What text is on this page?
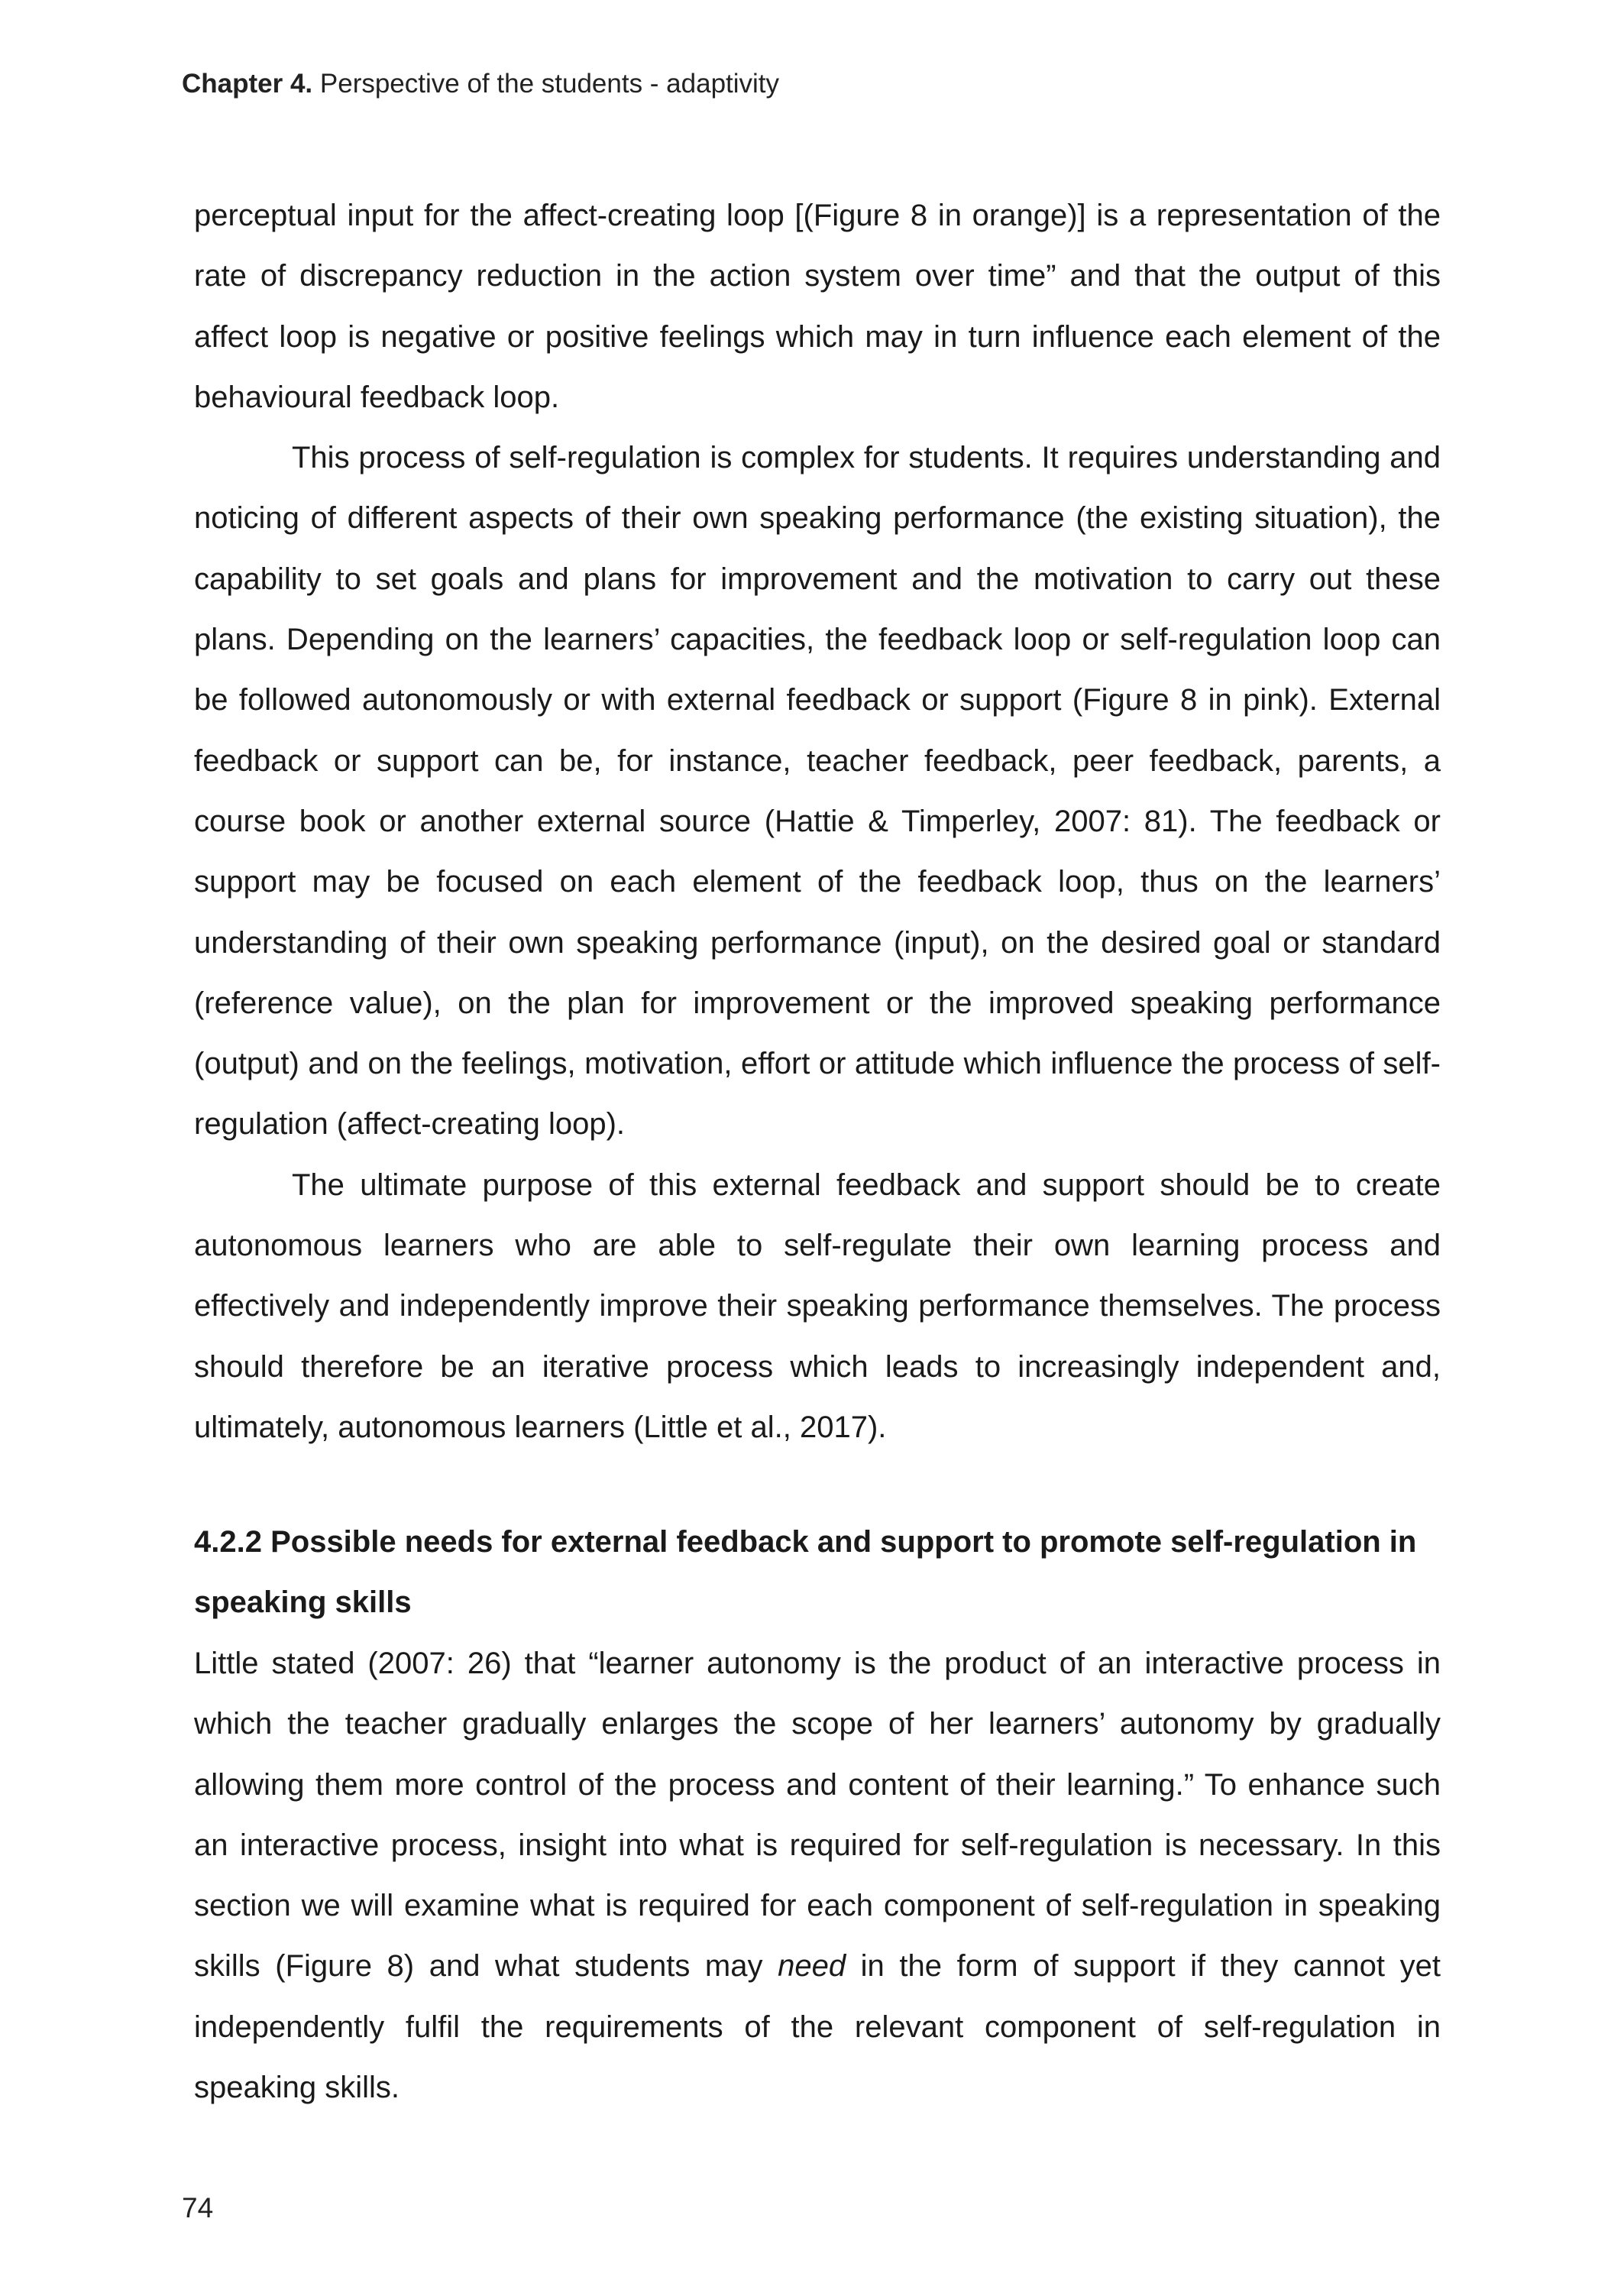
Chapter 4. Perspective of the students - adaptivity

perceptual input for the affect-creating loop [(Figure 8 in orange)] is a representation of the rate of discrepancy reduction in the action system over time” and that the output of this affect loop is negative or positive feelings which may in turn influence each element of the behavioural feedback loop.

This process of self-regulation is complex for students. It requires understanding and noticing of different aspects of their own speaking performance (the existing situation), the capability to set goals and plans for improvement and the motivation to carry out these plans. Depending on the learners’ capacities, the feedback loop or self-regulation loop can be followed autonomously or with external feedback or support (Figure 8 in pink). External feedback or support can be, for instance, teacher feedback, peer feedback, parents, a course book or another external source (Hattie & Timperley, 2007: 81). The feedback or support may be focused on each element of the feedback loop, thus on the learners’ understanding of their own speaking performance (input), on the desired goal or standard (reference value), on the plan for improvement or the improved speaking performance (output) and on the feelings, motivation, effort or attitude which influence the process of self-regulation (affect-creating loop).

The ultimate purpose of this external feedback and support should be to create autonomous learners who are able to self-regulate their own learning process and effectively and independently improve their speaking performance themselves. The process should therefore be an iterative process which leads to increasingly independent and, ultimately, autonomous learners (Little et al., 2017).

4.2.2 Possible needs for external feedback and support to promote self-regulation in speaking skills

Little stated (2007: 26) that “learner autonomy is the product of an interactive process in which the teacher gradually enlarges the scope of her learners’ autonomy by gradually allowing them more control of the process and content of their learning.” To enhance such an interactive process, insight into what is required for self-regulation is necessary. In this section we will examine what is required for each component of self-regulation in speaking skills (Figure 8) and what students may need in the form of support if they cannot yet independently fulfil the requirements of the relevant component of self-regulation in speaking skills.

74
